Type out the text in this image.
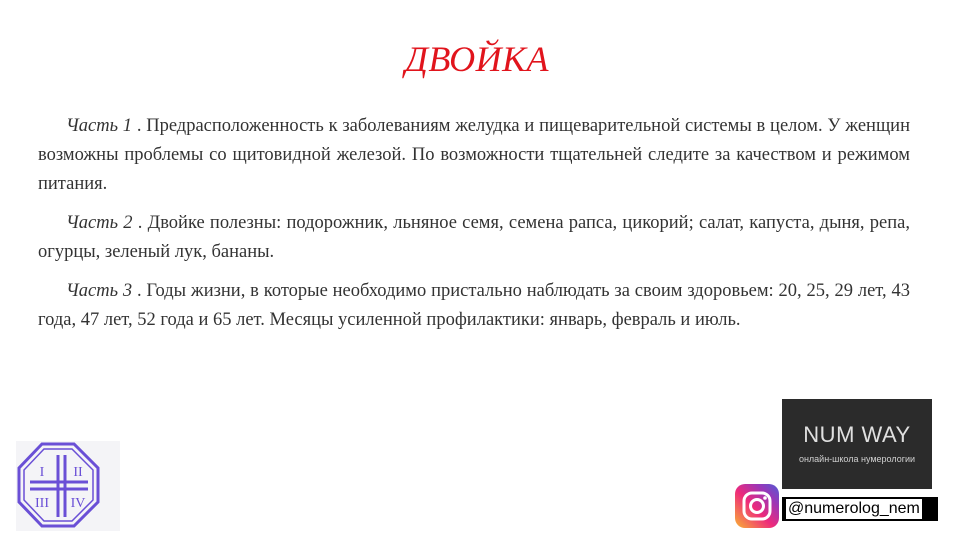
ДВОЙКА

Часть 1 . Предрасположенность к заболеваниям желудка и пищеварительной системы в целом. У женщин возможны проблемы со щитовидной железой. По возможности тщательней следите за качеством и режимом питания.

Часть 2 . Двойке полезны: подорожник, льняное семя, семена рапса, цикорий; салат, капуста, дыня, репа, огурцы, зеленый лук, бананы.

Часть 3 . Годы жизни, в которые необходимо пристально наблюдать за своим здоровьем: 20, 25, 29 лет, 43 года, 47 лет, 52 года и 65 лет. Месяцы усиленной профилактики: январь, февраль и июль.

I II
III IV
NUM WAY
онлайн-школа нумерологии
@numerolog_nem
